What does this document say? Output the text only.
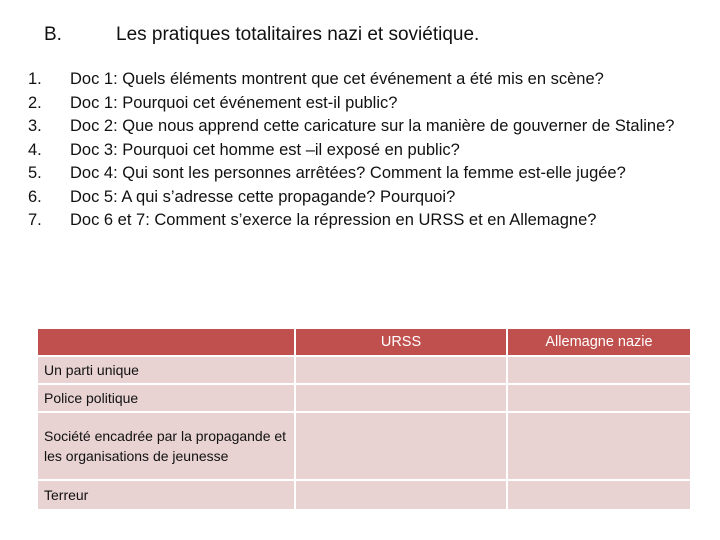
B.	Les pratiques totalitaires nazi et soviétique.
1. Doc 1: Quels éléments montrent que cet événement a été mis en scène?
2. Doc 1: Pourquoi cet événement est-il public?
3. Doc 2: Que nous apprend cette caricature sur la manière de gouverner de Staline?
4. Doc 3: Pourquoi cet homme est –il exposé en public?
5. Doc 4: Qui sont les personnes arrêtées? Comment la femme est-elle jugée?
6. Doc 5: A qui s’adresse cette propagande? Pourquoi?
7. Doc 6 et 7: Comment s’exerce la répression en URSS et en Allemagne?
	URSS	Allemagne nazie
Un parti unique		
Police politique		
Société encadrée par la propagande et les organisations de jeunesse		
Terreur		
